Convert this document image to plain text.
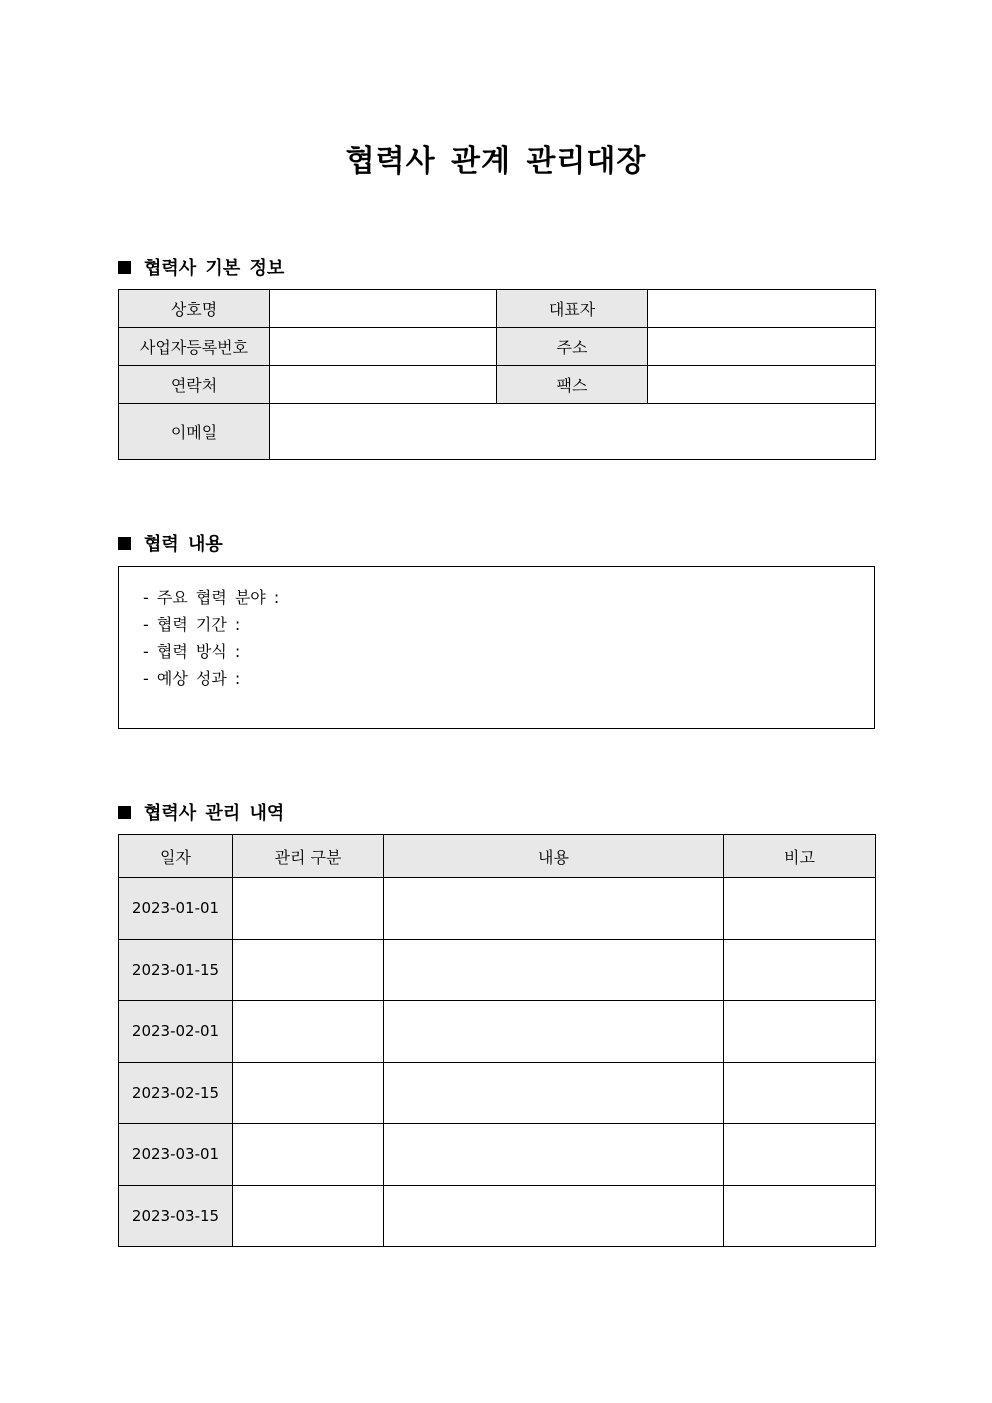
협력사 관계 관리대장
협력사 기본 정보
상호명		대표자	
사업자등록번호		주소	
연락처		팩스	
이메일			
협력 내용
- 주요 협력 분야 :
- 협력 기간 :
- 협력 방식 :
- 예상 성과 :
협력사 관리 내역
일자	관리 구분	내용	비고
2023-01-01			
2023-01-15			
2023-02-01			
2023-02-15			
2023-03-01			
2023-03-15			
